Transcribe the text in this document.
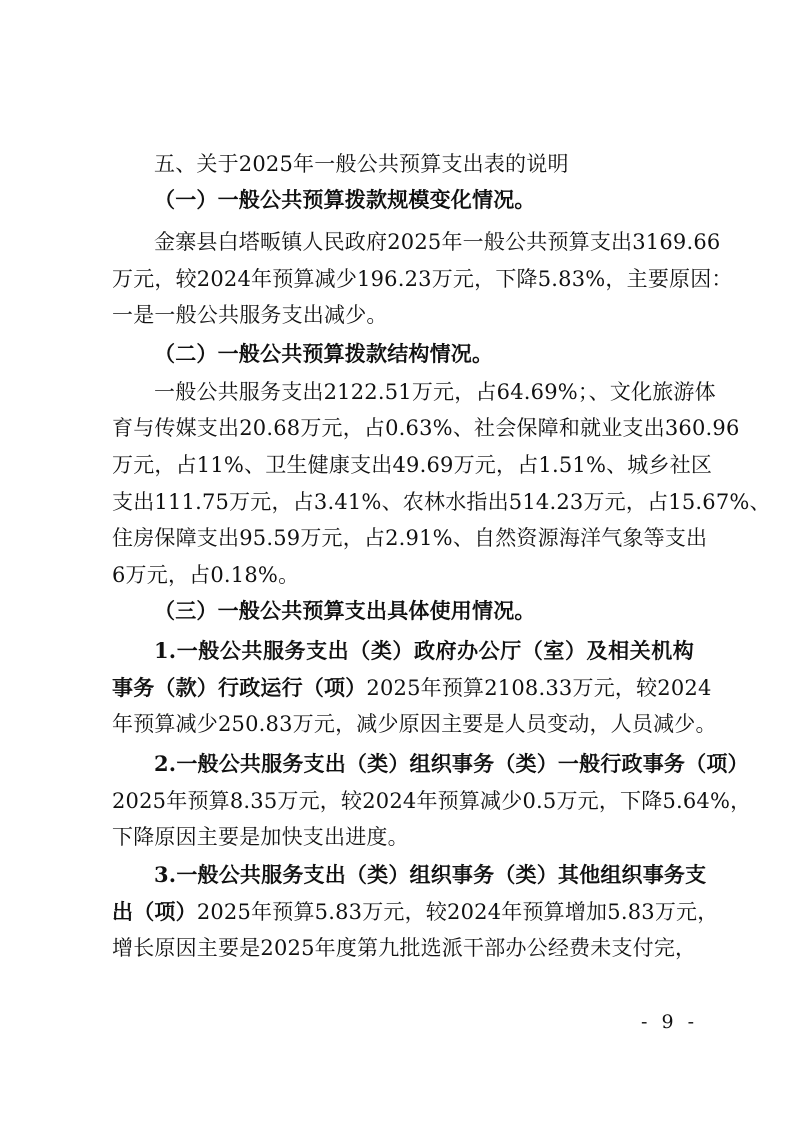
五、关于2025年一般公共预算支出表的说明
（一）一般公共预算拨款规模变化情况。
金寨县白塔畈镇人民政府2025年一般公共预算支出3169.66
万元，较2024年预算减少196.23万元，下降5.83%，主要原因：
一是一般公共服务支出减少。
（二）一般公共预算拨款结构情况。
一般公共服务支出2122.51万元，占64.69%；、文化旅游体
育与传媒支出20.68万元，占0.63%、社会保障和就业支出360.96
万元，占11%、卫生健康支出49.69万元，占1.51%、城乡社区
支出111.75万元，占3.41%、农林水指出514.23万元，占15.67%、
住房保障支出95.59万元，占2.91%、自然资源海洋气象等支出
6万元，占0.18%。
（三）一般公共预算支出具体使用情况。
1.一般公共服务支出（类）政府办公厅（室）及相关机构
事务（款）行政运行（项）2025年预算2108.33万元，较2024
年预算减少250.83万元，减少原因主要是人员变动，人员减少。
2.一般公共服务支出（类）组织事务（类）一般行政事务（项）
2025年预算8.35万元，较2024年预算减少0.5万元，下降5.64%，
下降原因主要是加快支出进度。
3.一般公共服务支出（类）组织事务（类）其他组织事务支
出（项）2025年预算5.83万元，较2024年预算增加5.83万元，
增长原因主要是2025年度第九批选派干部办公经费未支付完，
- 9 -
